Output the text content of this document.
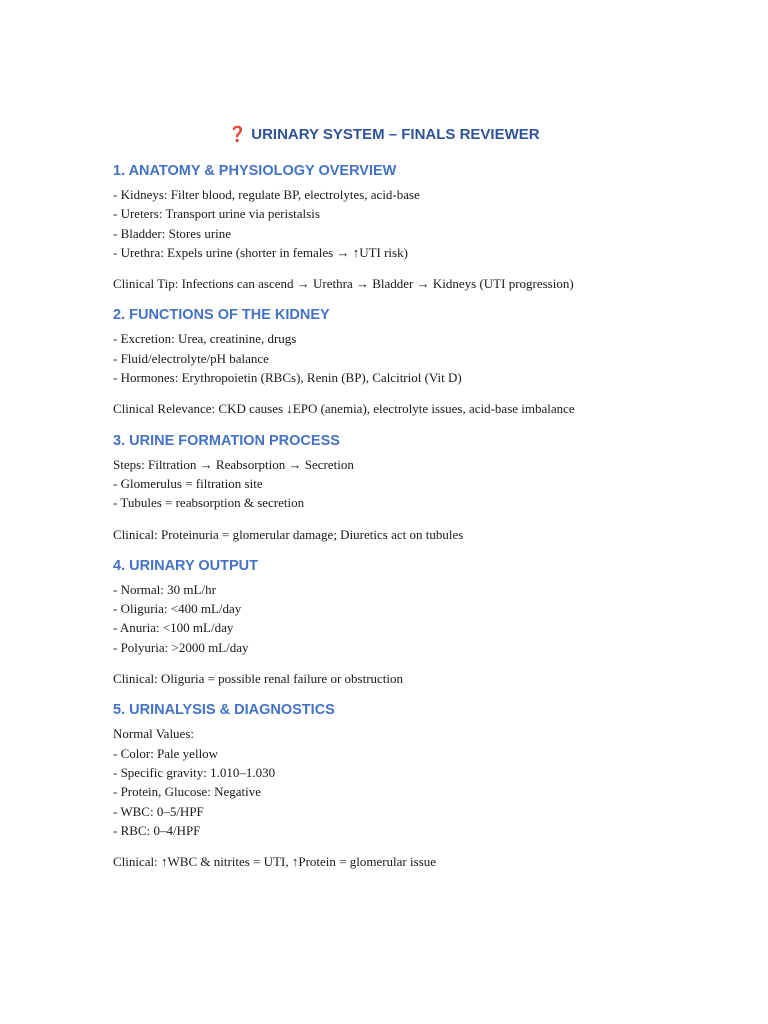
❓ URINARY SYSTEM – FINALS REVIEWER
1. ANATOMY & PHYSIOLOGY OVERVIEW

- Kidneys: Filter blood, regulate BP, electrolytes, acid-base

- Ureters: Transport urine via peristalsis

- Bladder: Stores urine

- Urethra: Expels urine (shorter in females → ↑UTI risk)

Clinical Tip: Infections can ascend → Urethra → Bladder → Kidneys (UTI progression)

2. FUNCTIONS OF THE KIDNEY

- Excretion: Urea, creatinine, drugs

- Fluid/electrolyte/pH balance

- Hormones: Erythropoietin (RBCs), Renin (BP), Calcitriol (Vit D)

Clinical Relevance: CKD causes ↓EPO (anemia), electrolyte issues, acid-base imbalance

3. URINE FORMATION PROCESS

Steps: Filtration → Reabsorption → Secretion

- Glomerulus = filtration site

- Tubules = reabsorption & secretion

Clinical: Proteinuria = glomerular damage; Diuretics act on tubules

4. URINARY OUTPUT

- Normal: 30 mL/hr

- Oliguria: <400 mL/day

- Anuria: <100 mL/day

- Polyuria: >2000 mL/day

Clinical: Oliguria = possible renal failure or obstruction

5. URINALYSIS & DIAGNOSTICS

Normal Values:

- Color: Pale yellow

- Specific gravity: 1.010–1.030

- Protein, Glucose: Negative

- WBC: 0–5/HPF

- RBC: 0–4/HPF

Clinical: ↑WBC & nitrites = UTI, ↑Protein = glomerular issue
